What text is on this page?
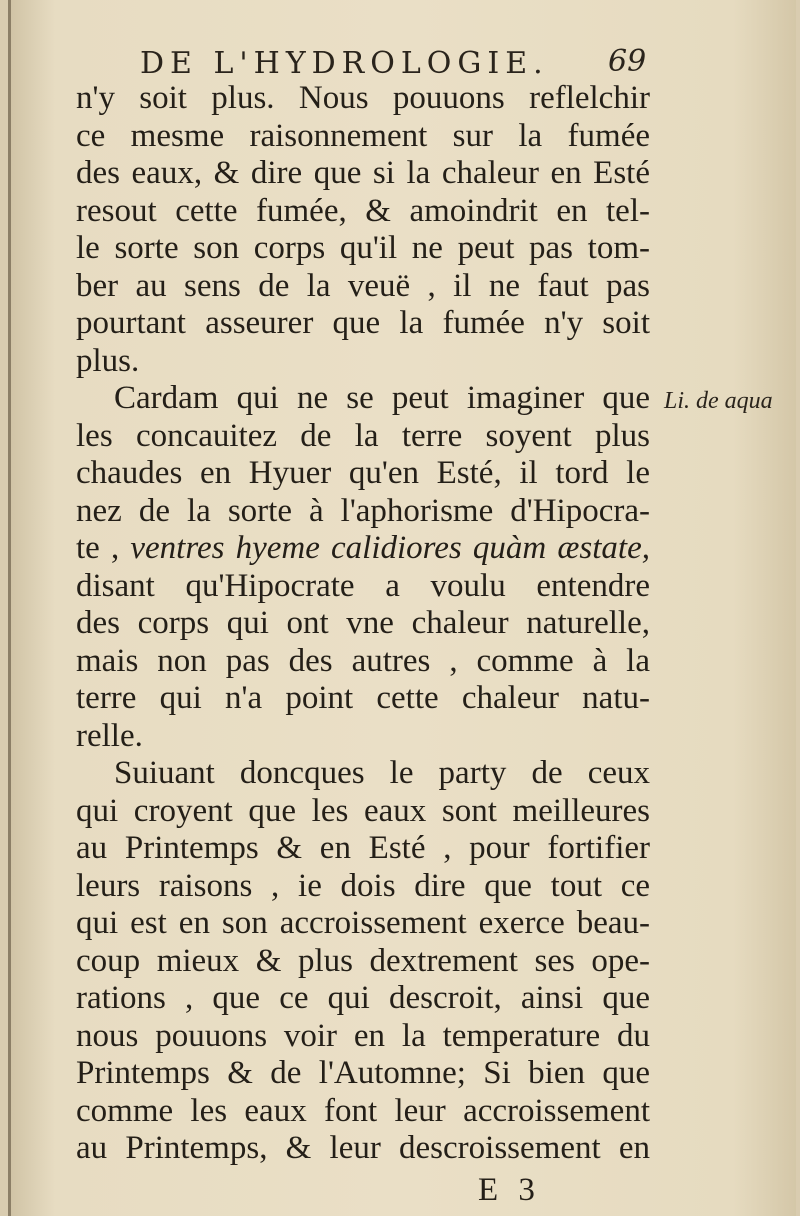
DE L'HYDROLOGIE. 69
n'y soit plus. Nous pouuons reflelchir
ce mesme raisonnement sur la fumée
des eaux, & dire que si la chaleur en Esté
resout cette fumée, & amoindrit en tel-
le sorte son corps qu'il ne peut pas tom-
ber au sens de la veuë , il ne faut pas
pourtant asseurer que la fumée n'y soit
plus.
Cardam qui ne se peut imaginer que
les concauitez de la terre soyent plus
chaudes en Hyuer qu'en Esté, il tord le
nez de la sorte à l'aphorisme d'Hipocra-
te , ventres hyeme calidiores quàm æstate,
disant qu'Hipocrate a voulu entendre
des corps qui ont vne chaleur naturelle,
mais non pas des autres , comme à la
terre qui n'a point cette chaleur natu-
relle.
Suiuant doncques le party de ceux
qui croyent que les eaux sont meilleures
au Printemps & en Esté , pour fortifier
leurs raisons , ie dois dire que tout ce
qui est en son accroissement exerce beau-
coup mieux & plus dextrement ses ope-
rations , que ce qui descroit, ainsi que
nous pouuons voir en la temperature du
Printemps & de l'Automne; Si bien que
comme les eaux font leur accroissement
au Printemps, & leur descroissement en
Li. de aqua
E 3
